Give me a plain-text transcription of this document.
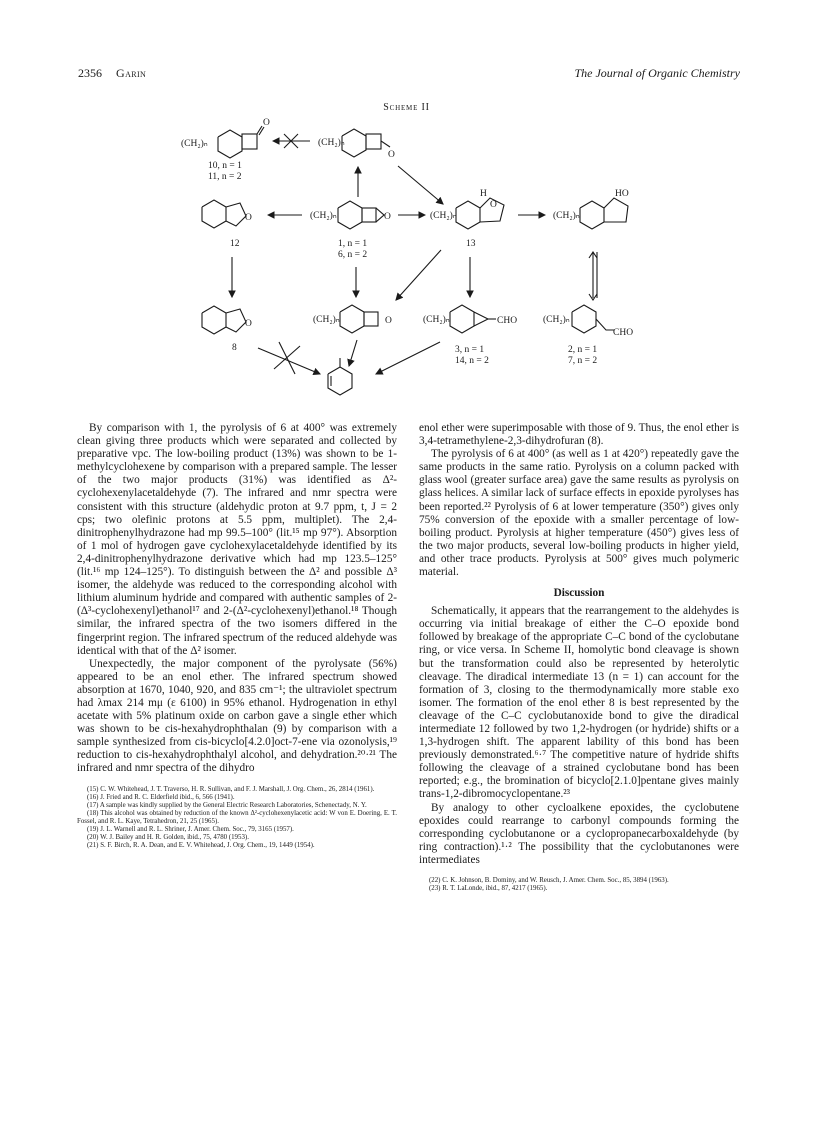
2356 Garin	The Journal of Organic Chemistry
Scheme II
(CH₂)ₙ
O
10, n = 1
11, n = 2
(CH₂)ₙ
O
O
12
(CH₂)ₙ	O
1, n = 1
6, n = 2
(CH₂)ₙ
H
O
13
(CH₂)ₙ
HO
O
8
(CH₂)ₙ	O	(CH₂)ₙ	CHO
3, n = 1
14, n = 2
(CH₂)ₙ
CHO
2, n = 1
7, n = 2

By comparison with 1, the pyrolysis of 6 at 400° was extremely clean giving three products which were separated and collected by preparative vpc. The low-boiling product (13%) was shown to be 1-methylcyclohexene by comparison with a prepared sample. The lesser of the two major products (31%) was identified as Δ²-cyclohexenylacetaldehyde (7). The infrared and nmr spectra were consistent with this structure (aldehydic proton at 9.7 ppm, t, J = 2 cps; two olefinic protons at 5.5 ppm, multiplet). The 2,4-dinitrophenylhydrazone had mp 99.5–100° (lit.¹⁵ mp 97°). Absorption of 1 mol of hydrogen gave cyclohexylacetaldehyde identified by its 2,4-dinitrophenylhydrazone derivative which had mp 123.5–125° (lit.¹⁶ mp 124–125°). To distinguish between the Δ² and possible Δ³ isomer, the aldehyde was reduced to the corresponding alcohol with lithium aluminum hydride and compared with authentic samples of 2-(Δ³-cyclohexenyl)ethanol¹⁷ and 2-(Δ²-cyclohexenyl)ethanol.¹⁸ Though similar, the infrared spectra of the two isomers differed in the fingerprint region. The infrared spectrum of the reduced aldehyde was identical with that of the Δ² isomer.

Unexpectedly, the major component of the pyrolysate (56%) appeared to be an enol ether. The infrared spectrum showed absorption at 1670, 1040, 920, and 835 cm⁻¹; the ultraviolet spectrum had λmax 214 mμ (ε 6100) in 95% ethanol. Hydrogenation in ethyl acetate with 5% platinum oxide on carbon gave a single ether which was shown to be cis-hexahydrophthalan (9) by comparison with a sample synthesized from cis-bicyclo[4.2.0]oct-7-ene via ozonolysis,¹⁹ reduction to cis-hexahydrophthalyl alcohol, and dehydration.²⁰·²¹ The infrared and nmr spectra of the dihydro

(15) C. W. Whitehead, J. T. Traverso, H. R. Sullivan, and F. J. Marshall, J. Org. Chem., 26, 2814 (1961).

(16) J. Fried and R. C. Elderfield ibid., 6, 566 (1941).

(17) A sample was kindly supplied by the General Electric Research Laboratories, Schenectady, N. Y.

(18) This alcohol was obtained by reduction of the known Δ²-cyclohexenylacetic acid: W von E. Doering, E. T. Fossel, and R. L. Kaye, Tetrahedron, 21, 25 (1965).

(19) J. L. Warnell and R. L. Shriner, J. Amer. Chem. Soc., 79, 3165 (1957).

(20) W. J. Bailey and H. R. Golden, ibid., 75, 4780 (1953).

(21) S. F. Birch, R. A. Dean, and E. V. Whitehead, J. Org. Chem., 19, 1449 (1954).

enol ether were superimposable with those of 9. Thus, the enol ether is 3,4-tetramethylene-2,3-dihydrofuran (8).

The pyrolysis of 6 at 400° (as well as 1 at 420°) repeatedly gave the same products in the same ratio. Pyrolysis on a column packed with glass wool (greater surface area) gave the same results as pyrolysis on glass helices. A similar lack of surface effects in epoxide pyrolyses has been reported.²² Pyrolysis of 6 at lower temperature (350°) gives only 75% conversion of the epoxide with a smaller percentage of low-boiling product. Pyrolysis at higher temperature (450°) gives less of the two major products, several low-boiling products in higher yield, and other trace products. Pyrolysis at 500° gives much polymeric material.

Discussion

Schematically, it appears that the rearrangement to the aldehydes is occurring via initial breakage of either the C–O epoxide bond followed by breakage of the appropriate C–C bond of the cyclobutane ring, or vice versa. In Scheme II, homolytic bond cleavage is shown but the transformation could also be represented by heterolytic cleavage. The diradical intermediate 13 (n = 1) can account for the formation of 3, closing to the thermodynamically more stable exo isomer. The formation of the enol ether 8 is best represented by the cleavage of the C–C cyclobutanoxide bond to give the diradical intermediate 12 followed by two 1,2-hydrogen (or hydride) shifts or a 1,3-hydrogen shift. The apparent lability of this bond has been previously demonstrated.⁶·⁷ The competitive nature of hydride shifts following the cleavage of a strained cyclobutane bond has been reported; e.g., the bromination of bicyclo[2.1.0]pentane gives mainly trans-1,2-dibromocyclopentane.²³

By analogy to other cycloalkene epoxides, the cyclobutene epoxides could rearrange to carbonyl compounds forming the corresponding cyclobutanone or a cyclopropanecarboxaldehyde (by ring contraction).¹·² The possibility that the cyclobutanones were intermediates

(22) C. K. Johnson, B. Dominy, and W. Reusch, J. Amer. Chem. Soc., 85, 3894 (1963).

(23) R. T. LaLonde, ibid., 87, 4217 (1965).
